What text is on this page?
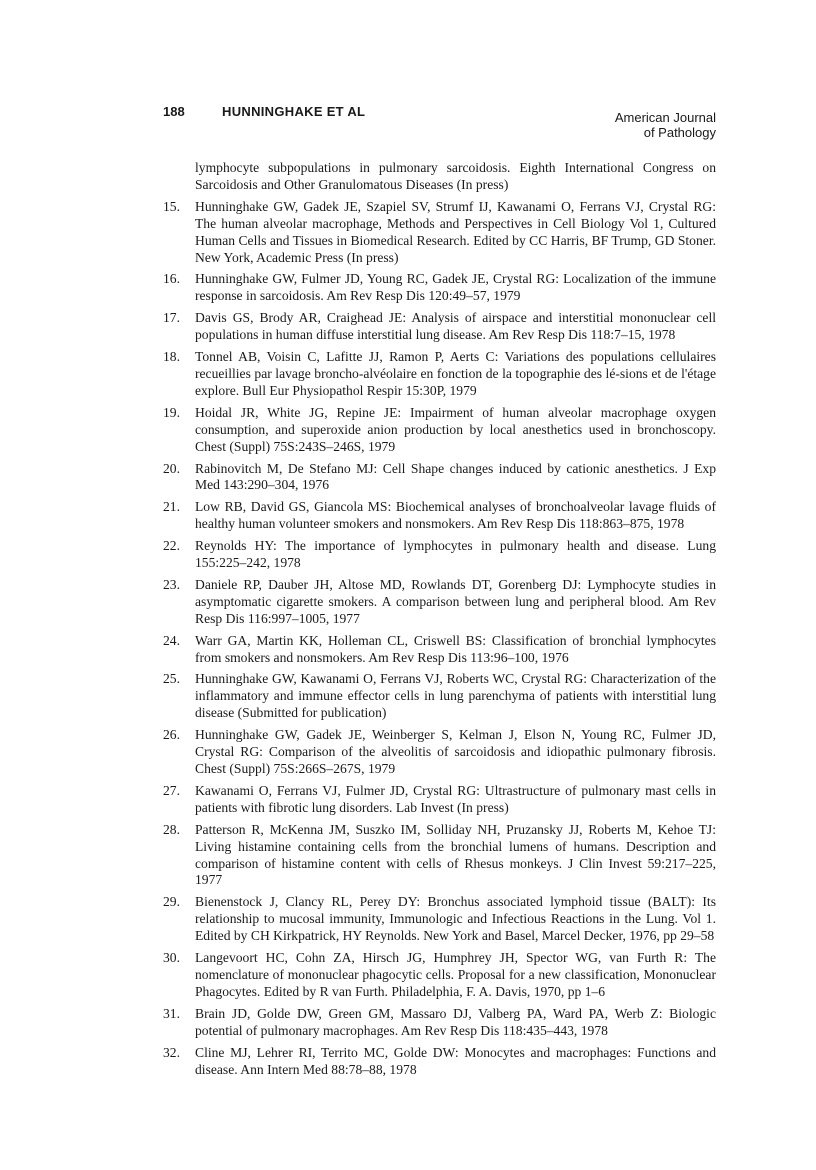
188	HUNNINGHAKE ET AL	American Journal
of Pathology
lymphocyte subpopulations in pulmonary sarcoidosis. Eighth International Congress on Sarcoidosis and Other Granulomatous Diseases (In press)
15.	Hunninghake GW, Gadek JE, Szapiel SV, Strumf IJ, Kawanami O, Ferrans VJ, Crystal RG: The human alveolar macrophage, Methods and Perspectives in Cell Biology Vol 1, Cultured Human Cells and Tissues in Biomedical Research. Edited by CC Harris, BF Trump, GD Stoner. New York, Academic Press (In press)
16.	Hunninghake GW, Fulmer JD, Young RC, Gadek JE, Crystal RG: Localization of the immune response in sarcoidosis. Am Rev Resp Dis 120:49–57, 1979
17.	Davis GS, Brody AR, Craighead JE: Analysis of airspace and interstitial mononuclear cell populations in human diffuse interstitial lung disease. Am Rev Resp Dis 118:7–15, 1978
18.	Tonnel AB, Voisin C, Lafitte JJ, Ramon P, Aerts C: Variations des populations cellulaires recueillies par lavage broncho-alvéolaire en fonction de la topographie des lé-sions et de l'étage explore. Bull Eur Physiopathol Respir 15:30P, 1979
19.	Hoidal JR, White JG, Repine JE: Impairment of human alveolar macrophage oxygen consumption, and superoxide anion production by local anesthetics used in bronchoscopy. Chest (Suppl) 75S:243S–246S, 1979
20.	Rabinovitch M, De Stefano MJ: Cell Shape changes induced by cationic anesthetics. J Exp Med 143:290–304, 1976
21.	Low RB, David GS, Giancola MS: Biochemical analyses of bronchoalveolar lavage fluids of healthy human volunteer smokers and nonsmokers. Am Rev Resp Dis 118:863–875, 1978
22.	Reynolds HY: The importance of lymphocytes in pulmonary health and disease. Lung 155:225–242, 1978
23.	Daniele RP, Dauber JH, Altose MD, Rowlands DT, Gorenberg DJ: Lymphocyte studies in asymptomatic cigarette smokers. A comparison between lung and peripheral blood. Am Rev Resp Dis 116:997–1005, 1977
24.	Warr GA, Martin KK, Holleman CL, Criswell BS: Classification of bronchial lymphocytes from smokers and nonsmokers. Am Rev Resp Dis 113:96–100, 1976
25.	Hunninghake GW, Kawanami O, Ferrans VJ, Roberts WC, Crystal RG: Characterization of the inflammatory and immune effector cells in lung parenchyma of patients with interstitial lung disease (Submitted for publication)
26.	Hunninghake GW, Gadek JE, Weinberger S, Kelman J, Elson N, Young RC, Fulmer JD, Crystal RG: Comparison of the alveolitis of sarcoidosis and idiopathic pulmonary fibrosis. Chest (Suppl) 75S:266S–267S, 1979
27.	Kawanami O, Ferrans VJ, Fulmer JD, Crystal RG: Ultrastructure of pulmonary mast cells in patients with fibrotic lung disorders. Lab Invest (In press)
28.	Patterson R, McKenna JM, Suszko IM, Solliday NH, Pruzansky JJ, Roberts M, Kehoe TJ: Living histamine containing cells from the bronchial lumens of humans. Description and comparison of histamine content with cells of Rhesus monkeys. J Clin Invest 59:217–225, 1977
29.	Bienenstock J, Clancy RL, Perey DY: Bronchus associated lymphoid tissue (BALT): Its relationship to mucosal immunity, Immunologic and Infectious Reactions in the Lung. Vol 1. Edited by CH Kirkpatrick, HY Reynolds. New York and Basel, Marcel Decker, 1976, pp 29–58
30.	Langevoort HC, Cohn ZA, Hirsch JG, Humphrey JH, Spector WG, van Furth R: The nomenclature of mononuclear phagocytic cells. Proposal for a new classification, Mononuclear Phagocytes. Edited by R van Furth. Philadelphia, F. A. Davis, 1970, pp 1–6
31.	Brain JD, Golde DW, Green GM, Massaro DJ, Valberg PA, Ward PA, Werb Z: Biologic potential of pulmonary macrophages. Am Rev Resp Dis 118:435–443, 1978
32.	Cline MJ, Lehrer RI, Territo MC, Golde DW: Monocytes and macrophages: Functions and disease. Ann Intern Med 88:78–88, 1978
